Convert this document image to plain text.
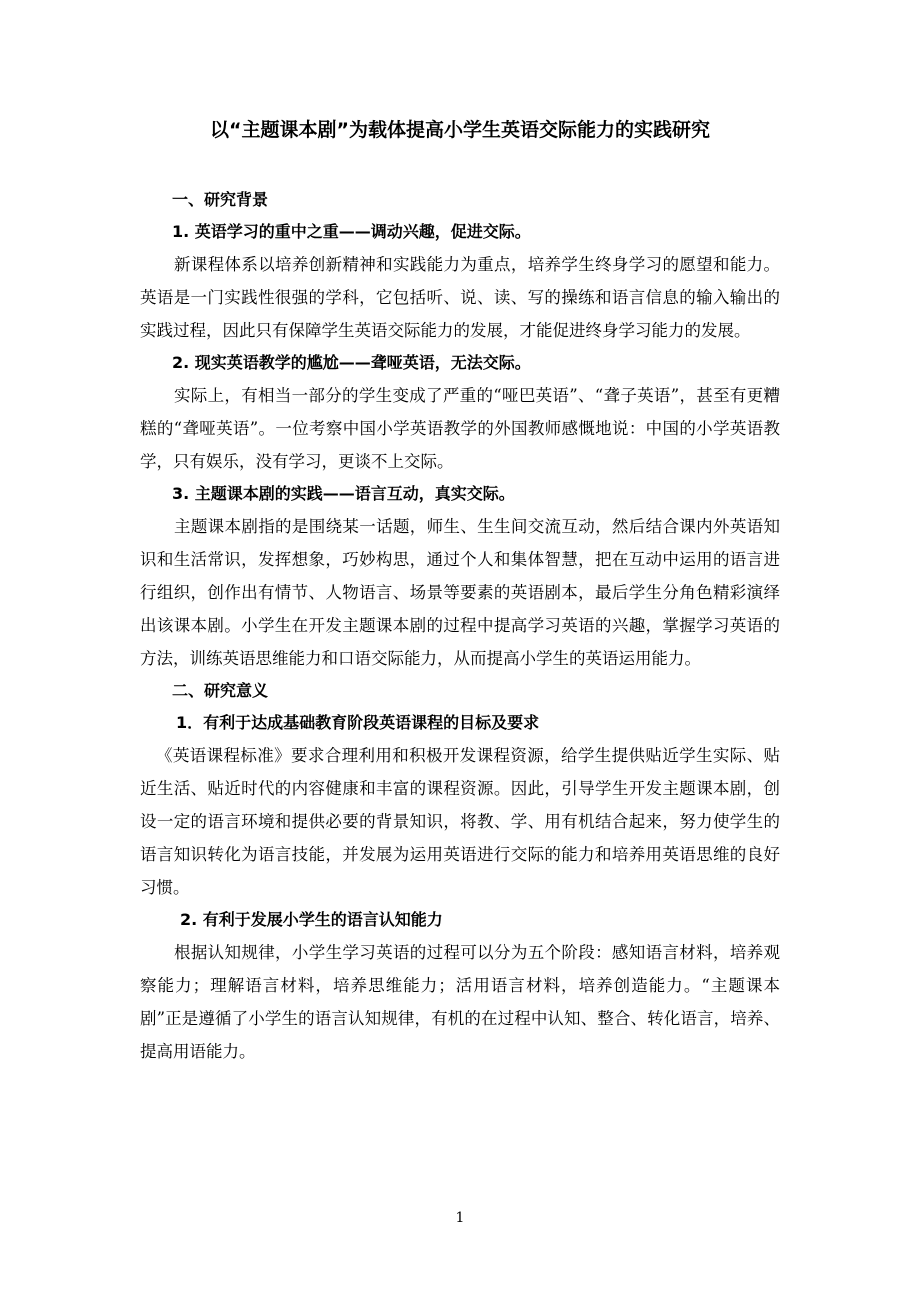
以“主题课本剧”为载体提高小学生英语交际能力的实践研究

一、研究背景

1. 英语学习的重中之重——调动兴趣，促进交际。

新课程体系以培养创新精神和实践能力为重点，培养学生终身学习的愿望和能力。英语是一门实践性很强的学科，它包括听、说、读、写的操练和语言信息的输入输出的实践过程，因此只有保障学生英语交际能力的发展，才能促进终身学习能力的发展。

2. 现实英语教学的尴尬——聋哑英语，无法交际。

实际上，有相当一部分的学生变成了严重的“哑巴英语”、“聋子英语”，甚至有更糟糕的“聋哑英语”。一位考察中国小学英语教学的外国教师感慨地说：中国的小学英语教学，只有娱乐，没有学习，更谈不上交际。

3. 主题课本剧的实践——语言互动，真实交际。

主题课本剧指的是围绕某一话题，师生、生生间交流互动，然后结合课内外英语知识和生活常识，发挥想象，巧妙构思，通过个人和集体智慧，把在互动中运用的语言进行组织，创作出有情节、人物语言、场景等要素的英语剧本，最后学生分角色精彩演绎出该课本剧。小学生在开发主题课本剧的过程中提高学习英语的兴趣，掌握学习英语的方法，训练英语思维能力和口语交际能力，从而提高小学生的英语运用能力。

二、研究意义

1．有利于达成基础教育阶段英语课程的目标及要求

《英语课程标准》要求合理利用和积极开发课程资源，给学生提供贴近学生实际、贴近生活、贴近时代的内容健康和丰富的课程资源。因此，引导学生开发主题课本剧，创设一定的语言环境和提供必要的背景知识，将教、学、用有机结合起来，努力使学生的语言知识转化为语言技能，并发展为运用英语进行交际的能力和培养用英语思维的良好习惯。

2. 有利于发展小学生的语言认知能力

根据认知规律，小学生学习英语的过程可以分为五个阶段：感知语言材料，培养观察能力；理解语言材料，培养思维能力；活用语言材料，培养创造能力。“主题课本剧”正是遵循了小学生的语言认知规律，有机的在过程中认知、整合、转化语言，培养、提高用语能力。

1
